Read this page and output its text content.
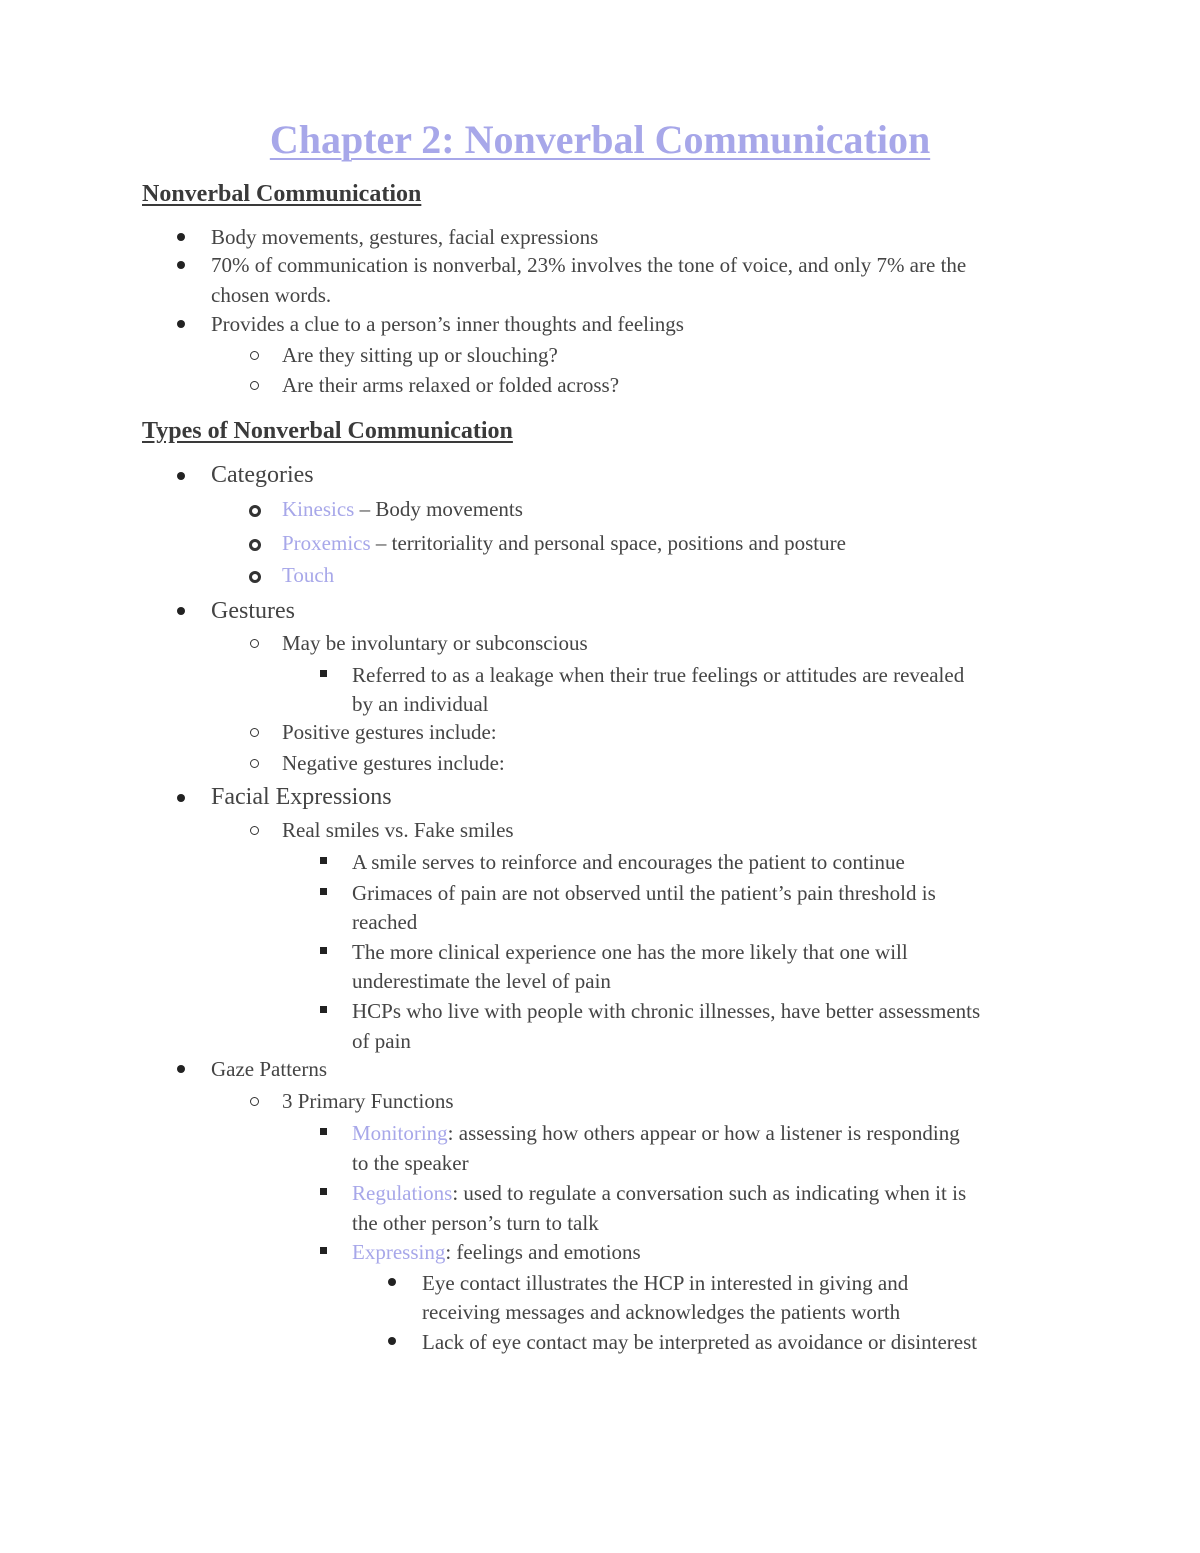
Chapter 2: Nonverbal Communication
Nonverbal Communication
Body movements, gestures, facial expressions
70% of communication is nonverbal, 23% involves the tone of voice, and only 7% are the
chosen words.
Provides a clue to a person’s inner thoughts and feelings
Are they sitting up or slouching?
Are their arms relaxed or folded across?
Types of Nonverbal Communication
Categories
Kinesics – Body movements
Proxemics – territoriality and personal space, positions and posture
Touch
Gestures
May be involuntary or subconscious
Referred to as a leakage when their true feelings or attitudes are revealed
by an individual
Positive gestures include:
Negative gestures include:
Facial Expressions
Real smiles vs. Fake smiles
A smile serves to reinforce and encourages the patient to continue
Grimaces of pain are not observed until the patient’s pain threshold is
reached
The more clinical experience one has the more likely that one will
underestimate the level of pain
HCPs who live with people with chronic illnesses, have better assessments
of pain
Gaze Patterns
3 Primary Functions
Monitoring: assessing how others appear or how a listener is responding
to the speaker
Regulations: used to regulate a conversation such as indicating when it is
the other person’s turn to talk
Expressing: feelings and emotions
Eye contact illustrates the HCP in interested in giving and
receiving messages and acknowledges the patients worth
Lack of eye contact may be interpreted as avoidance or disinterest
